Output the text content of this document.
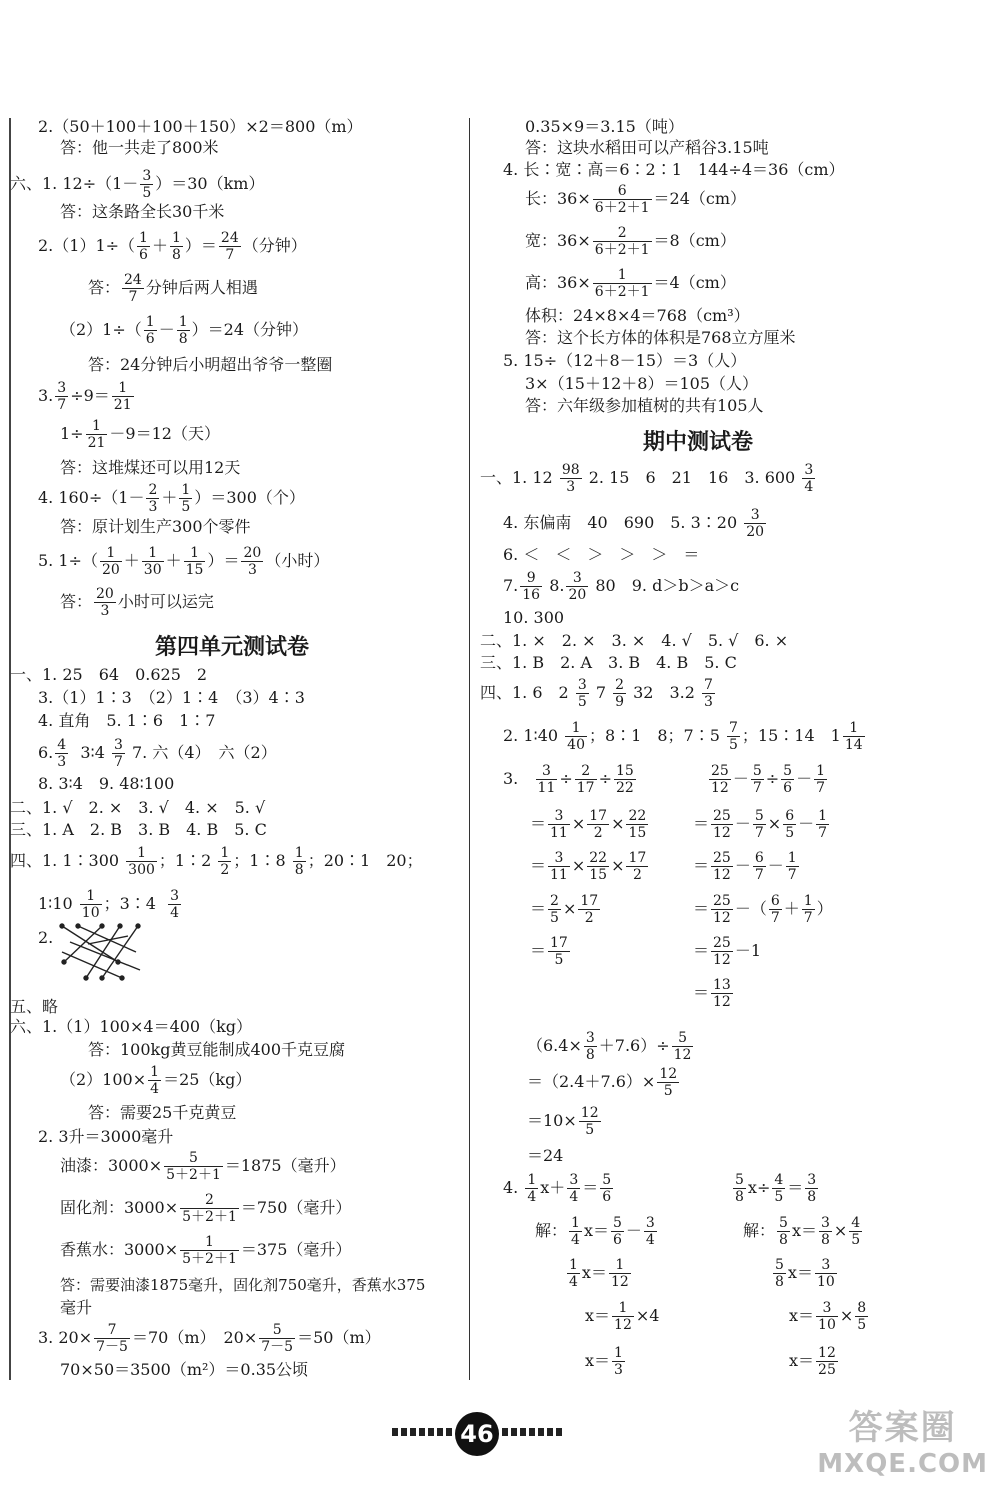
2.（50＋100＋100＋150）×2＝800（m）
答：他一共走了800米
六、1. $12\div(1- \frac{3}{5} )=30(km)$
答：这条路全长30千米
$2.(1)1\div( \frac{1}{6} + \frac{1}{8}$ ）＝ $\frac{24}{7}$ （分钟）
答： $\frac{24}{7}$ 分钟后两人相遇
$(2)1\div( \frac{1}{6} - \frac{1}{8} )=24$（分钟）
答：24分钟后小明超出爷爷一整圈
3. $\frac{3}{7} \div 9= \frac{1}{21}$
$1\div \frac{1}{21} -9=12$（天）
答：这堆煤还可以用12天
4. $160\div(1- \frac{2}{3} + \frac{1}{5} )=300$（个）
答：原计划生产300个零件
5. $1\div( \frac{1}{20} + \frac{1}{30} + \frac{1}{15}$ ）＝ $\frac{20}{3}$ （小时）
答： $\frac{20}{3}$ 小时可以运完
第四单元测试卷
一、1. 25　64　0.625　2
3.（1）1∶3　（2）1∶4　（3）4∶3
4. 直角　5. 1∶6　1∶7
6. $\frac{4}{3}$ 3∶4 $\frac{3}{7} 7$. 六（4）　六（2）
8. 3∶4　9. 48∶100
二、1. √　2. ×　3. √　4. ×　5. √
三、1. A　2. B　3. B　4. B　5. C
四、1. 1∶300 $\frac{1}{300}$ ；1∶2 $\frac{1}{2}$ ；1∶8 $\frac{1}{8}$ ；20∶1　20；
1∶10 $\frac{1}{10}$ ；3∶4 $\frac{3}{4}$
2.
五、略
六、1.（1）100×4＝400（kg）
答：100kg黄豆能制成400千克豆腐
$(2)100\times \frac{1}{4} =25(kg)$
答：需要25千克黄豆
2. 3升＝3000毫升
油漆：$3000\times \frac{5}{5+2+1} =1875$（毫升）
固化剂：$3000\times \frac{2}{5+2+1} =750$（毫升）
香蕉水：$3000\times \frac{1}{5+2+1} =375$（毫升）
答：需要油漆1875毫升，固化剂750毫升，香蕉水375
毫升
3. $20\times \frac{7}{7-5} =70(m)$　$20\times \frac{5}{7-5} =50(m)$
70×50＝3500（m²）＝0.35公顷
0.35×9＝3.15（吨）
答：这块水稻田可以产稻谷3.15吨
4. 长∶宽∶高＝6∶2∶1　144÷4＝36（cm）
长：$36\times \frac{6}{6+2+1} =24(cm)$
宽：$36\times \frac{2}{6+2+1} =8(cm)$
高：$36\times \frac{1}{6+2+1} =4(cm)$
体积：24×8×4＝768（cm³）
答：这个长方体的体积是768立方厘米
5. 15÷（12＋8－15）＝3（人）
3×（15＋12＋8）＝105（人）
答：六年级参加植树的共有105人
期中测试卷
一、1. $12 \frac{98}{3} 2$. 15　6　21　16　3. $600 \frac{3}{4}$
4. 东偏南　40　690　5. 3∶20 $\frac{3}{20}$
6. ＜　＜　＞　＞　＞　＝
7. $\frac{9}{16} 8$. $\frac{3}{20} 80$　9. d＞b＞a＞c
10. 300
二、1. ×　2. ×　3. ×　4. √　5. √　6. ×
三、1. B　2. A　3. B　4. B　5. C
四、1. 6　$2 \frac{3}{5} 7 \frac{2}{9} 32$　$3.2 \frac{7}{3}$
2. 1∶40 $\frac{1}{40}$ ；8∶1　8；7∶5 $\frac{7}{5}$ ；15∶14　$1 \frac{1}{14}$
3. $\frac{3}{11} \div \frac{2}{17} \div \frac{15}{22}$
＝ $\frac{3}{11} \times \frac{17}{2} \times \frac{22}{15}$
＝ $\frac{3}{11} \times \frac{22}{15} \times \frac{17}{2}$
＝ $\frac{2}{5} \times \frac{17}{2}$
＝ $\frac{17}{5}$
$\frac{25}{12} - \frac{5}{7} \div \frac{5}{6} - \frac{1}{7}$
＝ $\frac{25}{12} - \frac{5}{7} \times \frac{6}{5} - \frac{1}{7}$
＝ $\frac{25}{12} - \frac{6}{7} - \frac{1}{7}$
＝ $\frac{25}{12}$ －（ $\frac{6}{7} + \frac{1}{7}$ ）
＝ $\frac{25}{12} -1$
＝ $\frac{13}{12}$
$(6.4\times \frac{3}{8} +7.6)\div \frac{5}{12}$
$=(2.4+7.6)\times \frac{12}{5}$
$=10\times \frac{12}{5}$
＝24
4. $\frac{1}{4} x+ \frac{3}{4} = \frac{5}{6}$
解： $\frac{1}{4} x= \frac{5}{6} - \frac{3}{4}$
$\frac{1}{4} x= \frac{1}{12}$
$x= \frac{1}{12} \times 4$
$x= \frac{1}{3}$
$\frac{5}{8} x\div \frac{4}{5} = \frac{3}{8}$
解： $\frac{5}{8} x= \frac{3}{8} \times \frac{4}{5}$
$\frac{5}{8} x= \frac{3}{10}$
$x= \frac{3}{10} \times \frac{8}{5}$
$x= \frac{12}{25}$
46	答案圈
MXQE.COM
